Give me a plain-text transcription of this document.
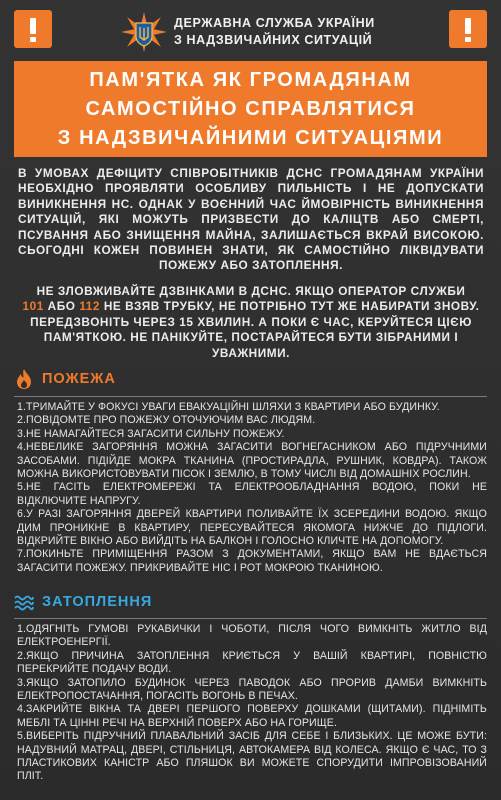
ДЕРЖАВНА СЛУЖБА УКРАЇНИ
З НАДЗВИЧАЙНИХ СИТУАЦІЙ
ПАМ'ЯТКА ЯК ГРОМАДЯНАМ
САМОСТІЙНО СПРАВЛЯТИСЯ
З НАДЗВИЧАЙНИМИ СИТУАЦІЯМИ
В УМОВАХ ДЕФІЦИТУ СПІВРОБІТНИКІВ ДСНС ГРОМАДЯНАМ УКРАЇНИ НЕОБХІДНО ПРОЯВЛЯТИ ОСОБЛИВУ ПИЛЬНІСТЬ І НЕ ДОПУСКАТИ ВИНИКНЕННЯ НС. ОДНАК У ВОЄННИЙ ЧАС ЙМОВІРНІСТЬ ВИНИКНЕННЯ СИТУАЦІЙ, ЯКІ МОЖУТЬ ПРИЗВЕСТИ ДО КАЛІЦТВ АБО СМЕРТІ, ПСУВАННЯ АБО ЗНИЩЕННЯ МАЙНА, ЗАЛИШАЄТЬСЯ ВКРАЙ ВИСОКОЮ. СЬОГОДНІ КОЖЕН ПОВИНЕН ЗНАТИ, ЯК САМОСТІЙНО ЛІКВІДУВАТИ ПОЖЕЖУ АБО ЗАТОПЛЕННЯ.
НЕ ЗЛОВЖИВАЙТЕ ДЗВІНКАМИ В ДСНС. ЯКЩО ОПЕРАТОР СЛУЖБИ
101 АБО 112 НЕ ВЗЯВ ТРУБКУ, НЕ ПОТРІБНО ТУТ ЖЕ НАБИРАТИ ЗНОВУ. ПЕРЕДЗВОНІТЬ ЧЕРЕЗ 15 ХВИЛИН. А ПОКИ Є ЧАС, КЕРУЙТЕСЯ ЦІЄЮ ПАМ'ЯТКОЮ. НЕ ПАНІКУЙТЕ, ПОСТАРАЙТЕСЯ БУТИ ЗІБРАНИМИ І УВАЖНИМИ.
ПОЖЕЖА
1.ТРИМАЙТЕ У ФОКУСІ УВАГИ ЕВАКУАЦІЙНІ ШЛЯХИ З КВАРТИРИ АБО БУДИНКУ.
2.ПОВІДОМТЕ ПРО ПОЖЕЖУ ОТОЧУЮЧИМ ВАС ЛЮДЯМ.
3.НЕ НАМАГАЙТЕСЯ ЗАГАСИТИ СИЛЬНУ ПОЖЕЖУ.
4.НЕВЕЛИКЕ ЗАГОРЯННЯ МОЖНА ЗАГАСИТИ ВОГНЕГАСНИКОМ АБО ПІДРУЧНИМИ ЗАСОБАМИ. ПІДІЙДЕ МОКРА ТКАНИНА (ПРОСТИРАДЛА, РУШНИК, КОВДРА). ТАКОЖ МОЖНА ВИКОРИСТОВУВАТИ ПІСОК І ЗЕМЛЮ, В ТОМУ ЧИСЛІ ВІД ДОМАШНІХ РОСЛИН.
5.НЕ ГАСІТЬ ЕЛЕКТРОМЕРЕЖІ ТА ЕЛЕКТРООБЛАДНАННЯ ВОДОЮ, ПОКИ НЕ ВІДКЛЮЧИТЕ НАПРУГУ.
6.У РАЗІ ЗАГОРЯННЯ ДВЕРЕЙ КВАРТИРИ ПОЛИВАЙТЕ ЇХ ЗСЕРЕДИНИ ВОДОЮ. ЯКЩО ДИМ ПРОНИКНЕ В КВАРТИРУ, ПЕРЕСУВАЙТЕСЯ ЯКОМОГА НИЖЧЕ ДО ПІДЛОГИ. ВІДКРИЙТЕ ВІКНО АБО ВИЙДІТЬ НА БАЛКОН І ГОЛОСНО КЛИЧТЕ НА ДОПОМОГУ.
7.ПОКИНЬТЕ ПРИМІЩЕННЯ РАЗОМ З ДОКУМЕНТАМИ, ЯКЩО ВАМ НЕ ВДАЄТЬСЯ ЗАГАСИТИ ПОЖЕЖУ. ПРИКРИВАЙТЕ НІС І РОТ МОКРОЮ ТКАНИНОЮ.
ЗАТОПЛЕННЯ
1.ОДЯГНІТЬ ГУМОВІ РУКАВИЧКИ І ЧОБОТИ, ПІСЛЯ ЧОГО ВИМКНІТЬ ЖИТЛО ВІД ЕЛЕКТРОЕНЕРГІЇ.
2.ЯКЩО ПРИЧИНА ЗАТОПЛЕННЯ КРИЄТЬСЯ У ВАШІЙ КВАРТИРІ, ПОВНІСТЮ ПЕРЕКРИЙТЕ ПОДАЧУ ВОДИ.
3.ЯКЩО ЗАТОПИЛО БУДИНОК ЧЕРЕЗ ПАВОДОК АБО ПРОРИВ ДАМБИ ВИМКНІТЬ ЕЛЕКТРОПОСТАЧАННЯ, ПОГАСІТЬ ВОГОНЬ В ПЕЧАХ.
4.ЗАКРИЙТЕ ВІКНА ТА ДВЕРІ ПЕРШОГО ПОВЕРХУ ДОШКАМИ (ЩИТАМИ). ПІДНІМІТЬ МЕБЛІ ТА ЦІННІ РЕЧІ НА ВЕРХНІЙ ПОВЕРХ АБО НА ГОРИЩЕ.
5.ВИБЕРІТЬ ПІДРУЧНИЙ ПЛАВАЛЬНИЙ ЗАСІБ ДЛЯ СЕБЕ І БЛИЗЬКИХ. ЦЕ МОЖЕ БУТИ: НАДУВНИЙ МАТРАЦ, ДВЕРІ, СТІЛЬНИЦЯ, АВТОКАМЕРА ВІД КОЛЕСА. ЯКЩО Є ЧАС, ТО З ПЛАСТИКОВИХ КАНІСТР АБО ПЛЯШОК ВИ МОЖЕТЕ СПОРУДИТИ ІМПРОВІЗОВАНИЙ ПЛІТ.
